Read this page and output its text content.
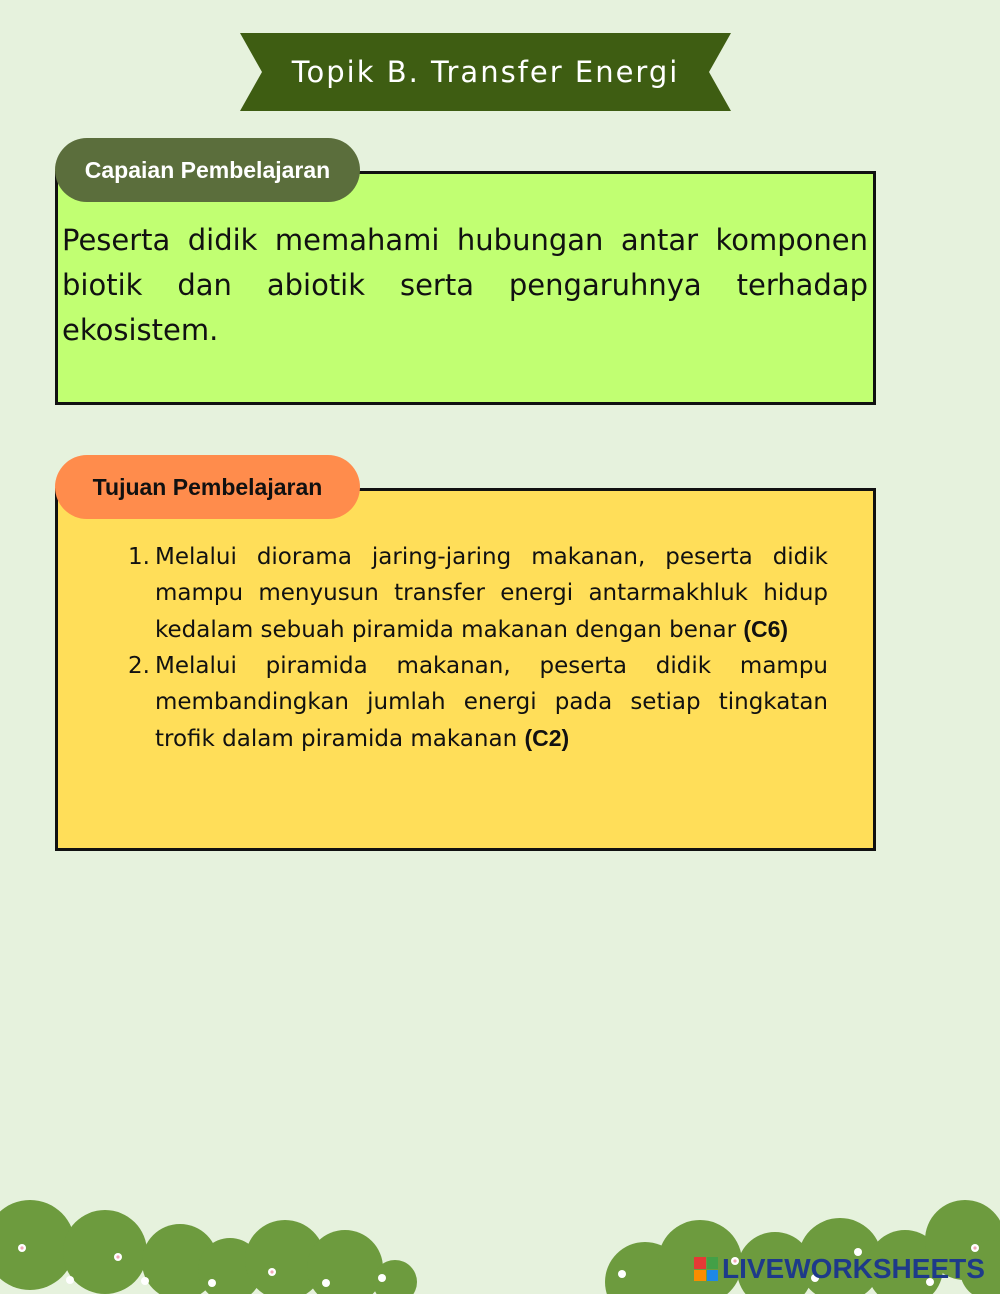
Topik B. Transfer Energi
Capaian Pembelajaran

Peserta didik memahami hubungan antar komponen biotik dan abiotik serta pengaruhnya terhadap ekosistem.

Tujuan Pembelajaran
1. Melalui diorama jaring-jaring makanan, peserta didik mampu menyusun transfer energi antarmakhluk hidup kedalam sebuah piramida makanan dengan benar (C6)
2. Melalui piramida makanan, peserta didik mampu membandingkan jumlah energi pada setiap tingkatan trofik dalam piramida makanan (C2)
LIVEWORKSHEETS
